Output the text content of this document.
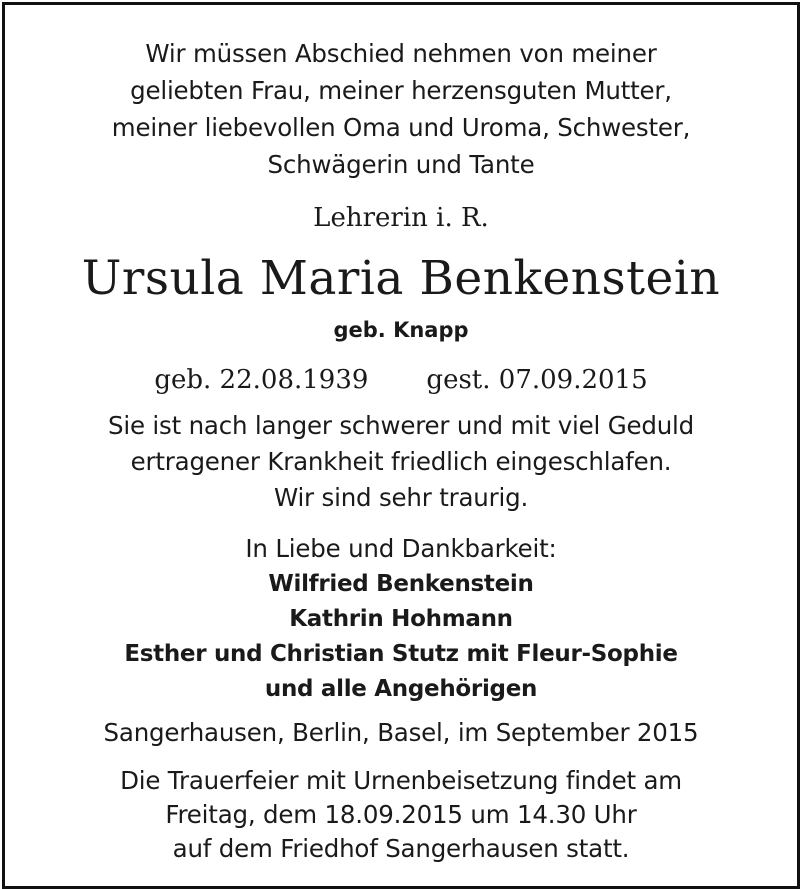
Wir müssen Abschied nehmen von meiner
geliebten Frau, meiner herzensguten Mutter,
meiner liebevollen Oma und Uroma, Schwester,
Schwägerin und Tante
Lehrerin i. R.
Ursula Maria Benkenstein
geb. Knapp
geb. 22.08.1939 gest. 07.09.2015
Sie ist nach langer schwerer und mit viel Geduld
ertragener Krankheit friedlich eingeschlafen.
Wir sind sehr traurig.
In Liebe und Dankbarkeit:
Wilfried Benkenstein
Kathrin Hohmann
Esther und Christian Stutz mit Fleur-Sophie
und alle Angehörigen
Sangerhausen, Berlin, Basel, im September 2015
Die Trauerfeier mit Urnenbeisetzung findet am
Freitag, dem 18.09.2015 um 14.30 Uhr
auf dem Friedhof Sangerhausen statt.
